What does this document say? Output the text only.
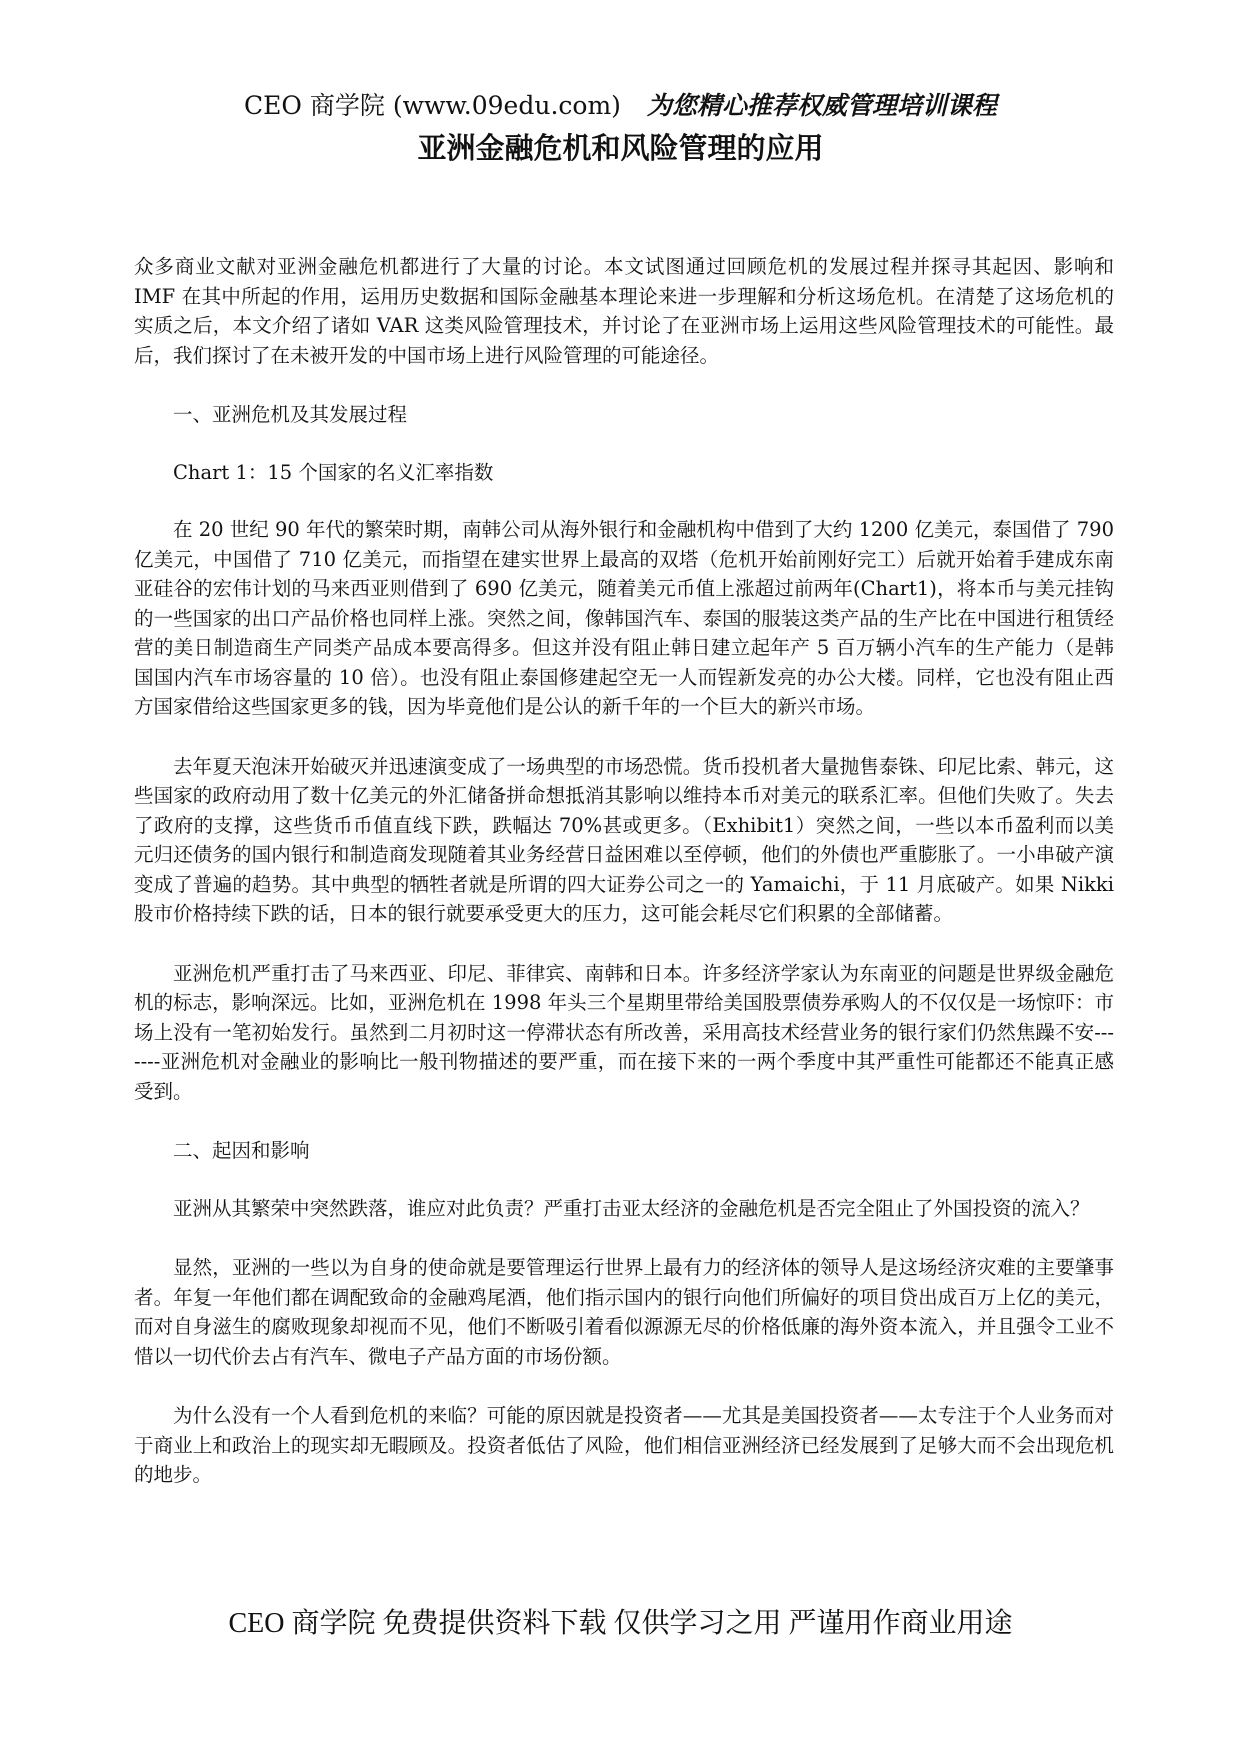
CEO 商学院 (www.09edu.com) 为您精心推荐权威管理培训课程
亚洲金融危机和风险管理的应用

众多商业文献对亚洲金融危机都进行了大量的讨论。本文试图通过回顾危机的发展过程并探寻其起因、影响和 IMF 在其中所起的作用，运用历史数据和国际金融基本理论来进一步理解和分析这场危机。在清楚了这场危机的实质之后，本文介绍了诸如 VAR 这类风险管理技术，并讨论了在亚洲市场上运用这些风险管理技术的可能性。最后，我们探讨了在未被开发的中国市场上进行风险管理的可能途径。

一、亚洲危机及其发展过程

Chart 1：15 个国家的名义汇率指数

在 20 世纪 90 年代的繁荣时期，南韩公司从海外银行和金融机构中借到了大约 1200 亿美元，泰国借了 790 亿美元，中国借了 710 亿美元，而指望在建实世界上最高的双塔（危机开始前刚好完工）后就开始着手建成东南亚硅谷的宏伟计划的马来西亚则借到了 690 亿美元，随着美元币值上涨超过前两年(Chart1)，将本币与美元挂钩的一些国家的出口产品价格也同样上涨。突然之间，像韩国汽车、泰国的服装这类产品的生产比在中国进行租赁经营的美日制造商生产同类产品成本要高得多。但这并没有阻止韩日建立起年产 5 百万辆小汽车的生产能力（是韩国国内汽车市场容量的 10 倍）。也没有阻止泰国修建起空无一人而锃新发亮的办公大楼。同样，它也没有阻止西方国家借给这些国家更多的钱，因为毕竟他们是公认的新千年的一个巨大的新兴市场。

去年夏天泡沫开始破灭并迅速演变成了一场典型的市场恐慌。货币投机者大量抛售泰铢、印尼比索、韩元，这些国家的政府动用了数十亿美元的外汇储备拼命想抵消其影响以维持本币对美元的联系汇率。但他们失败了。失去了政府的支撑，这些货币币值直线下跌，跌幅达 70%甚或更多。（Exhibit1）突然之间，一些以本币盈利而以美元归还债务的国内银行和制造商发现随着其业务经营日益困难以至停顿，他们的外债也严重膨胀了。一小串破产演变成了普遍的趋势。其中典型的牺牲者就是所谓的四大证券公司之一的 Yamaichi，于 11 月底破产。如果 Nikki 股市价格持续下跌的话，日本的银行就要承受更大的压力，这可能会耗尽它们积累的全部储蓄。

亚洲危机严重打击了马来西亚、印尼、菲律宾、南韩和日本。许多经济学家认为东南亚的问题是世界级金融危机的标志，影响深远。比如，亚洲危机在 1998 年头三个星期里带给美国股票债券承购人的不仅仅是一场惊吓：市场上没有一笔初始发行。虽然到二月初时这一停滞状态有所改善，采用高技术经营业务的银行家们仍然焦躁不安-------亚洲危机对金融业的影响比一般刊物描述的要严重，而在接下来的一两个季度中其严重性可能都还不能真正感受到。

二、起因和影响

亚洲从其繁荣中突然跌落，谁应对此负责？严重打击亚太经济的金融危机是否完全阻止了外国投资的流入？

显然，亚洲的一些以为自身的使命就是要管理运行世界上最有力的经济体的领导人是这场经济灾难的主要肇事者。年复一年他们都在调配致命的金融鸡尾酒，他们指示国内的银行向他们所偏好的项目贷出成百万上亿的美元，而对自身滋生的腐败现象却视而不见，他们不断吸引着看似源源无尽的价格低廉的海外资本流入，并且强令工业不惜以一切代价去占有汽车、微电子产品方面的市场份额。

为什么没有一个人看到危机的来临？可能的原因就是投资者——尤其是美国投资者——太专注于个人业务而对于商业上和政治上的现实却无暇顾及。投资者低估了风险，他们相信亚洲经济已经发展到了足够大而不会出现危机的地步。

CEO 商学院 免费提供资料下载 仅供学习之用 严谨用作商业用途
